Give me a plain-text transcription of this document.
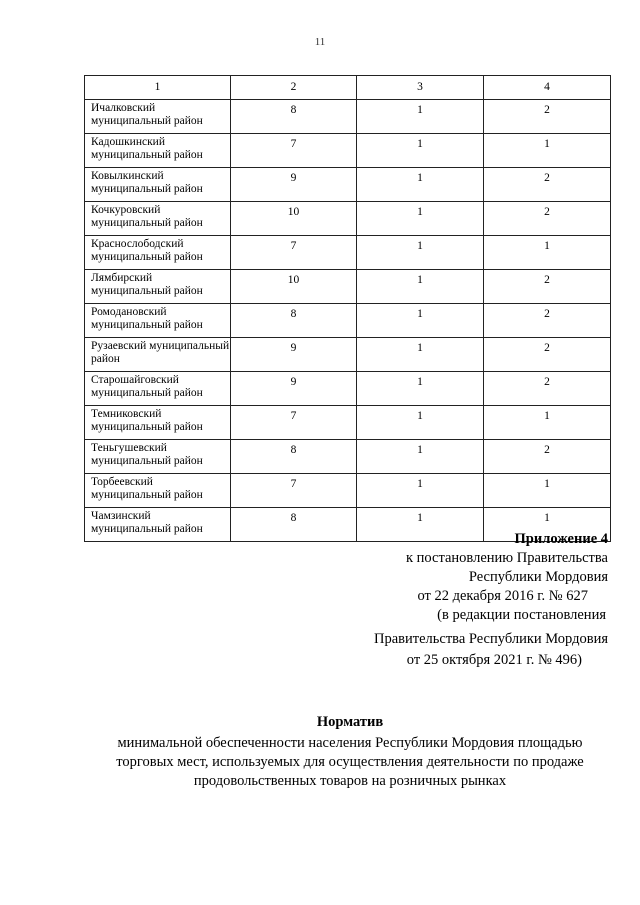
11
1	2	3	4
Ичалковский муниципальный район	8	1	2
Кадошкинский муниципальный район	7	1	1
Ковылкинский муниципальный район	9	1	2
Кочкуровский муниципальный район	10	1	2
Краснослободский муниципальный район	7	1	1
Лямбирский муниципальный район	10	1	2
Ромодановский муниципальный район	8	1	2
Рузаевский муниципальный район	9	1	2
Старошайговский муниципальный район	9	1	2
Темниковский муниципальный район	7	1	1
Теньгушевский муниципальный район	8	1	2
Торбеевский муниципальный район	7	1	1
Чамзинский муниципальный район	8	1	1
Приложение 4
к постановлению Правительства
Республики Мордовия
от 22 декабря 2016 г. № 627
(в редакции постановления
Правительства Республики Мордовия
от 25 октября 2021 г. № 496)
Норматив
минимальной обеспеченности населения Республики Мордовия площадью
торговых мест, используемых для осуществления деятельности по продаже
продовольственных товаров на розничных рынках
